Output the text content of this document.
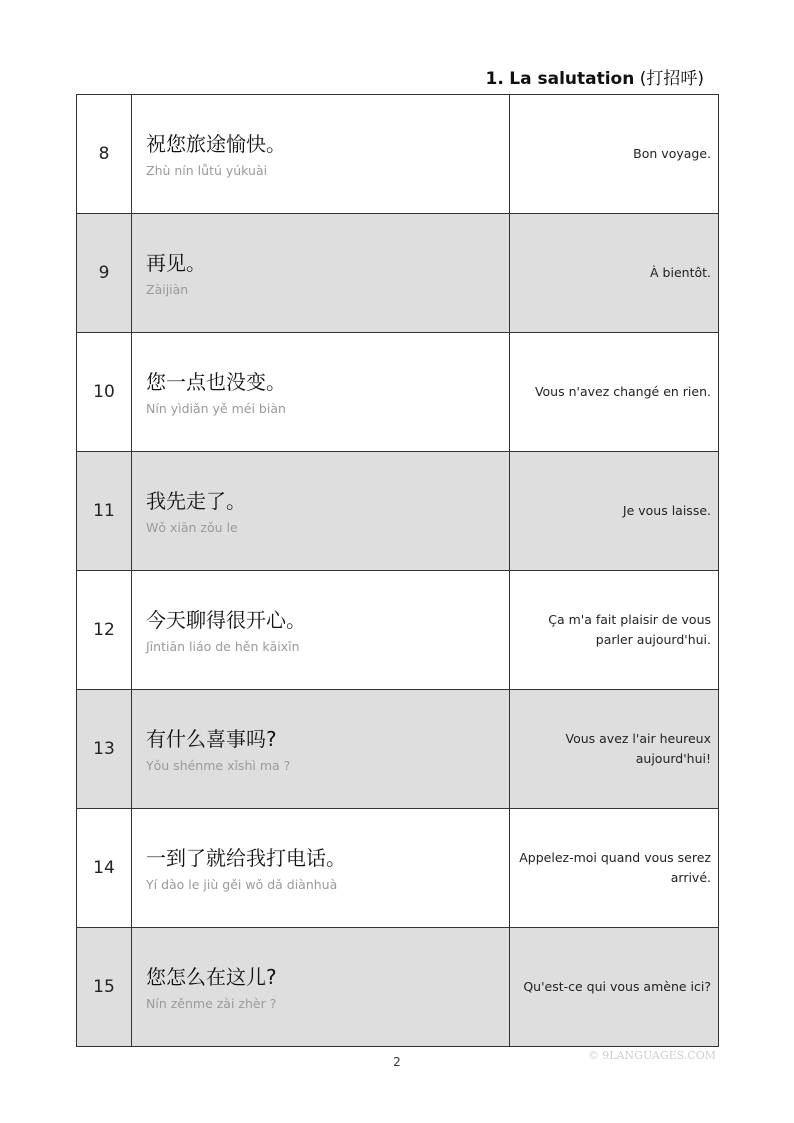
1. La salutation (打招呼)
8	祝您旅途愉快。
Zhù nín lǚtú yúkuài
Bon voyage.
9	再见。
Zàijiàn
À bientôt.
10	您一点也没变。
Nín yìdiǎn yě méi biàn
Vous n'avez changé en rien.
11	我先走了。
Wǒ xiān zǒu le
Je vous laisse.
12	今天聊得很开心。
Jīntiān liáo de hěn kāixīn
Ça m'a fait plaisir de vous parler aujourd'hui.
13	有什么喜事吗?
Yǒu shénme xǐshì ma ?
Vous avez l'air heureux aujourd'hui!
14	一到了就给我打电话。
Yí dào le jiù gěi wǒ dǎ diànhuà
Appelez-moi quand vous serez arrivé.
15	您怎么在这儿?
Nín zěnme zài zhèr ?
Qu'est-ce qui vous amène ici?
2	© 9LANGUAGES.COM
